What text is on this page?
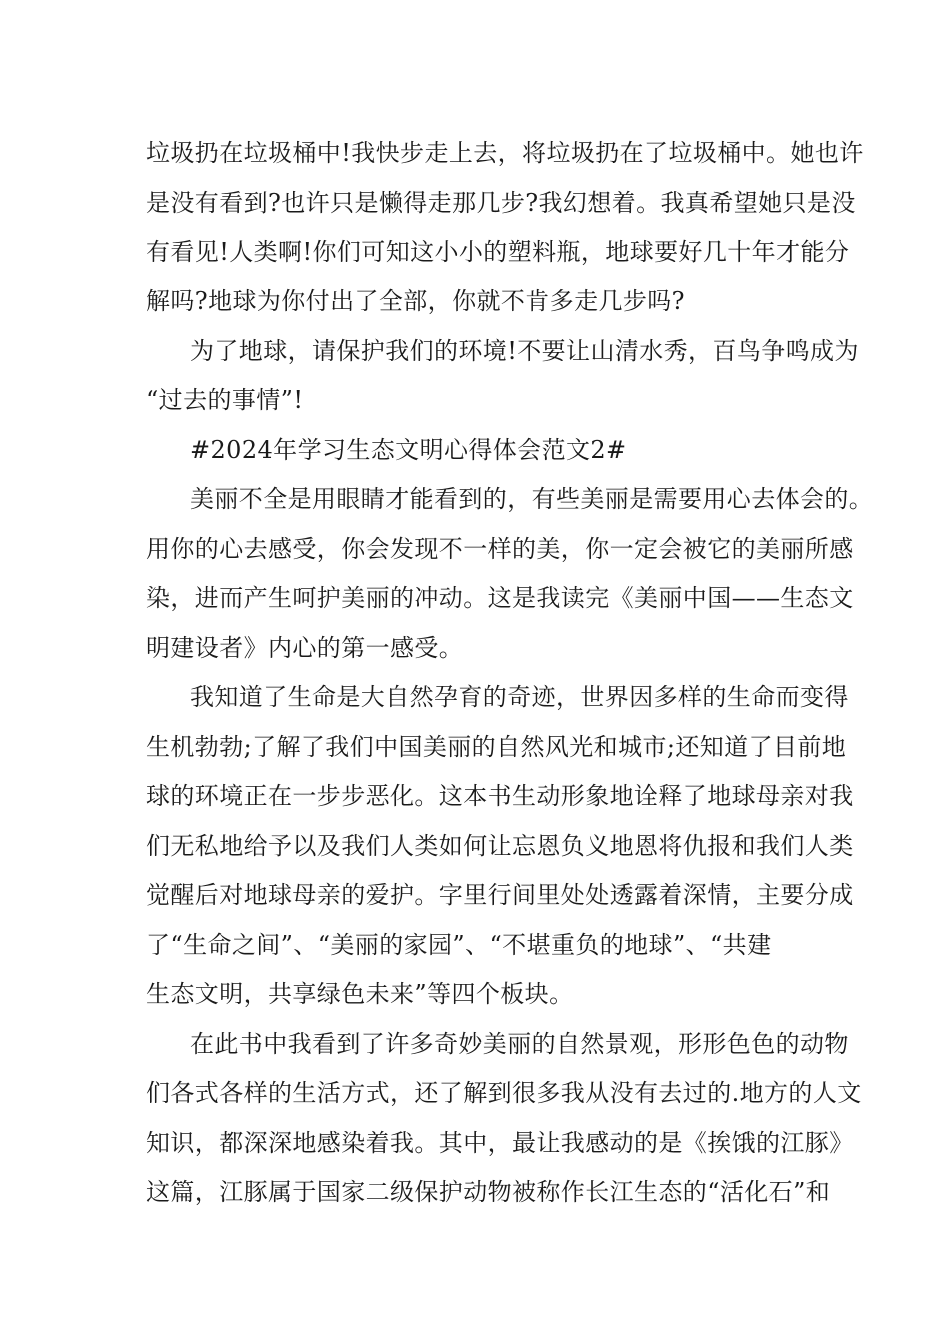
垃圾扔在垃圾桶中!我快步走上去，将垃圾扔在了垃圾桶中。她也许
是没有看到?也许只是懒得走那几步?我幻想着。我真希望她只是没
有看见!人类啊!你们可知这小小的塑料瓶，地球要好几十年才能分
解吗?地球为你付出了全部，你就不肯多走几步吗?
为了地球，请保护我们的环境!不要让山清水秀，百鸟争鸣成为
“过去的事情”!
#2024年学习生态文明心得体会范文2#
美丽不全是用眼睛才能看到的，有些美丽是需要用心去体会的。
用你的心去感受，你会发现不一样的美，你一定会被它的美丽所感
染，进而产生呵护美丽的冲动。这是我读完《美丽中国——生态文
明建设者》内心的第一感受。
我知道了生命是大自然孕育的奇迹，世界因多样的生命而变得
生机勃勃;了解了我们中国美丽的自然风光和城市;还知道了目前地
球的环境正在一步步恶化。这本书生动形象地诠释了地球母亲对我
们无私地给予以及我们人类如何让忘恩负义地恩将仇报和我们人类
觉醒后对地球母亲的爱护。字里行间里处处透露着深情，主要分成
了“生命之间”、“美丽的家园”、“不堪重负的地球”、“共建
生态文明，共享绿色未来”等四个板块。
在此书中我看到了许多奇妙美丽的自然景观，形形色色的动物
们各式各样的生活方式，还了解到很多我从没有去过的.地方的人文
知识，都深深地感染着我。其中，最让我感动的是《挨饿的江豚》
这篇，江豚属于国家二级保护动物被称作长江生态的“活化石”和
